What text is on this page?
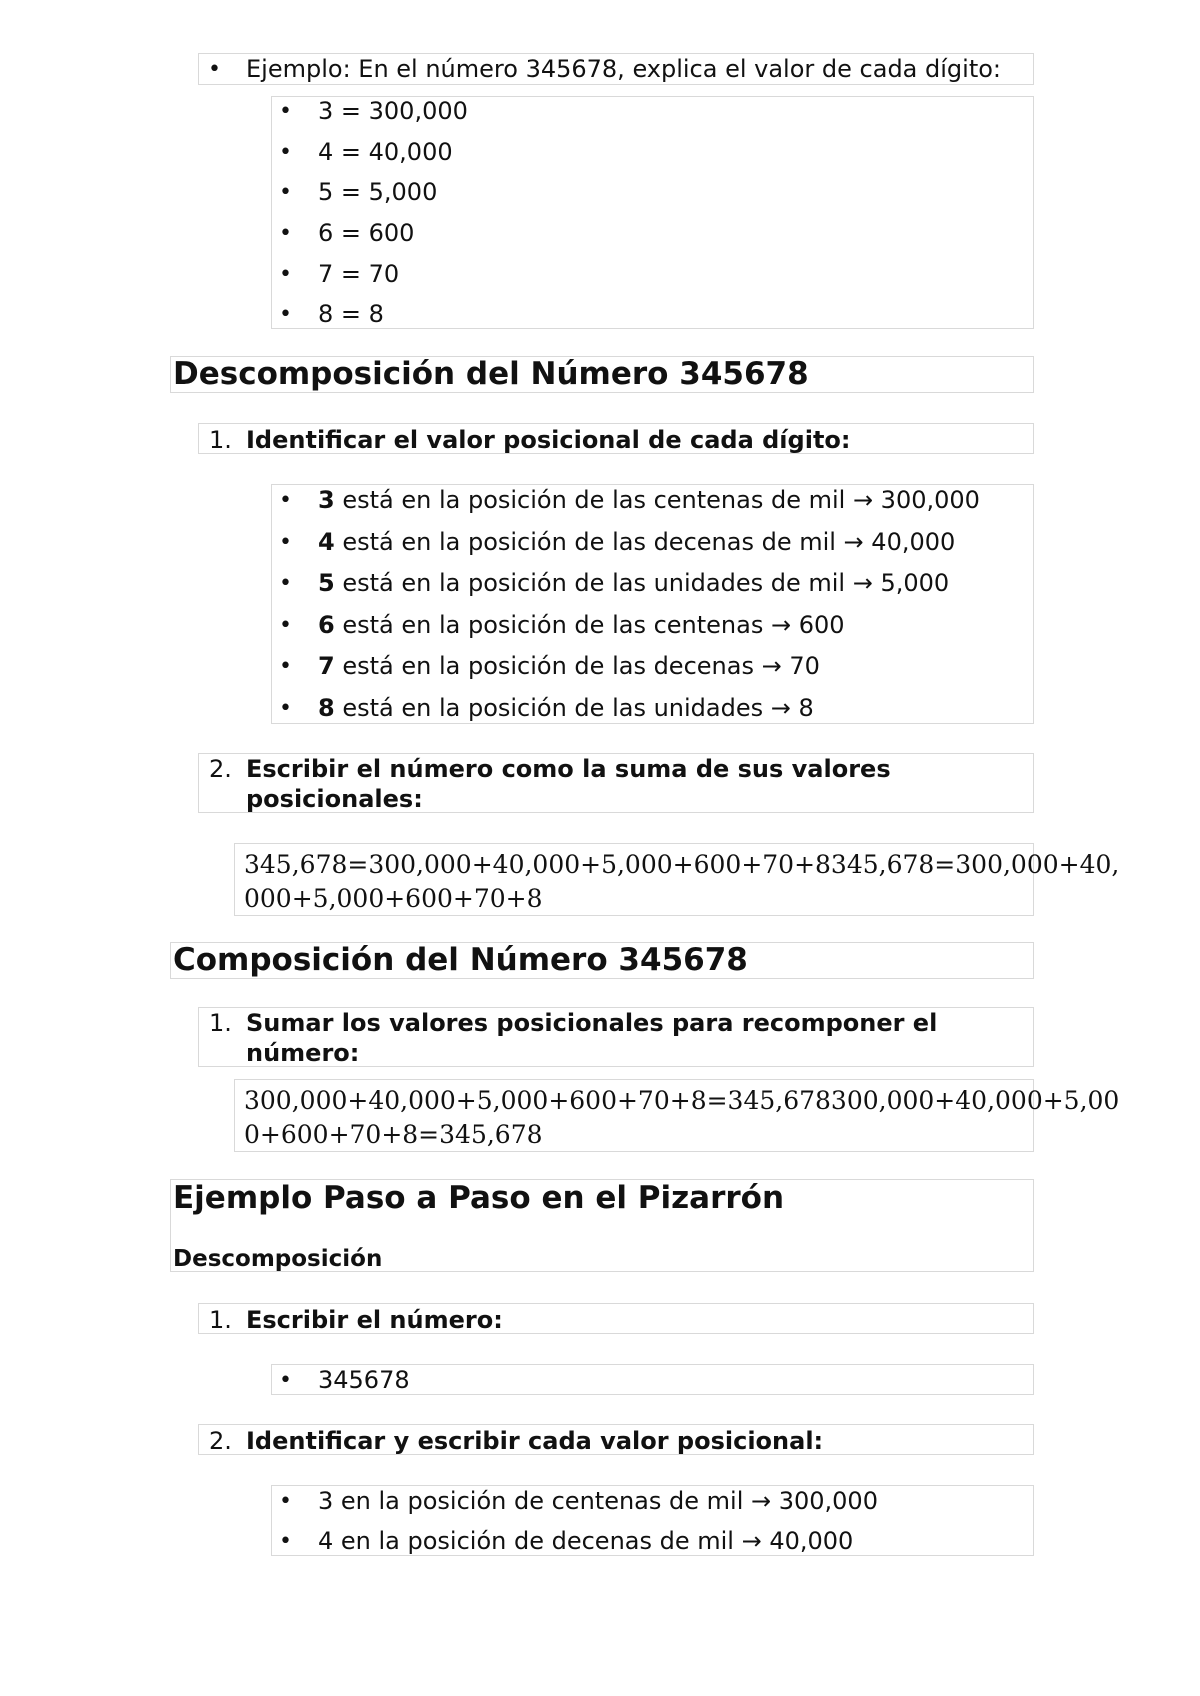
• Ejemplo: En el número 345678, explica el valor de cada dígito:
• 3 = 300,000
• 4 = 40,000
• 5 = 5,000
• 6 = 600
• 7 = 70
• 8 = 8
Descomposición del Número 345678
1. Identificar el valor posicional de cada dígito:
• 3 está en la posición de las centenas de mil → 300,000
• 4 está en la posición de las decenas de mil → 40,000
• 5 está en la posición de las unidades de mil → 5,000
• 6 está en la posición de las centenas → 600
• 7 está en la posición de las decenas → 70
• 8 está en la posición de las unidades → 8
2. Escribir el número como la suma de sus valores
posicionales:
345,678=300,000+40,000+5,000+600+70+8345,678=300,000+40,
000+5,000+600+70+8
Composición del Número 345678
1. Sumar los valores posicionales para recomponer el
número:
300,000+40,000+5,000+600+70+8=345,678300,000+40,000+5,00
0+600+70+8=345,678
Ejemplo Paso a Paso en el Pizarrón
Descomposición
1. Escribir el número:
• 345678
2. Identificar y escribir cada valor posicional:
• 3 en la posición de centenas de mil → 300,000
• 4 en la posición de decenas de mil → 40,000
